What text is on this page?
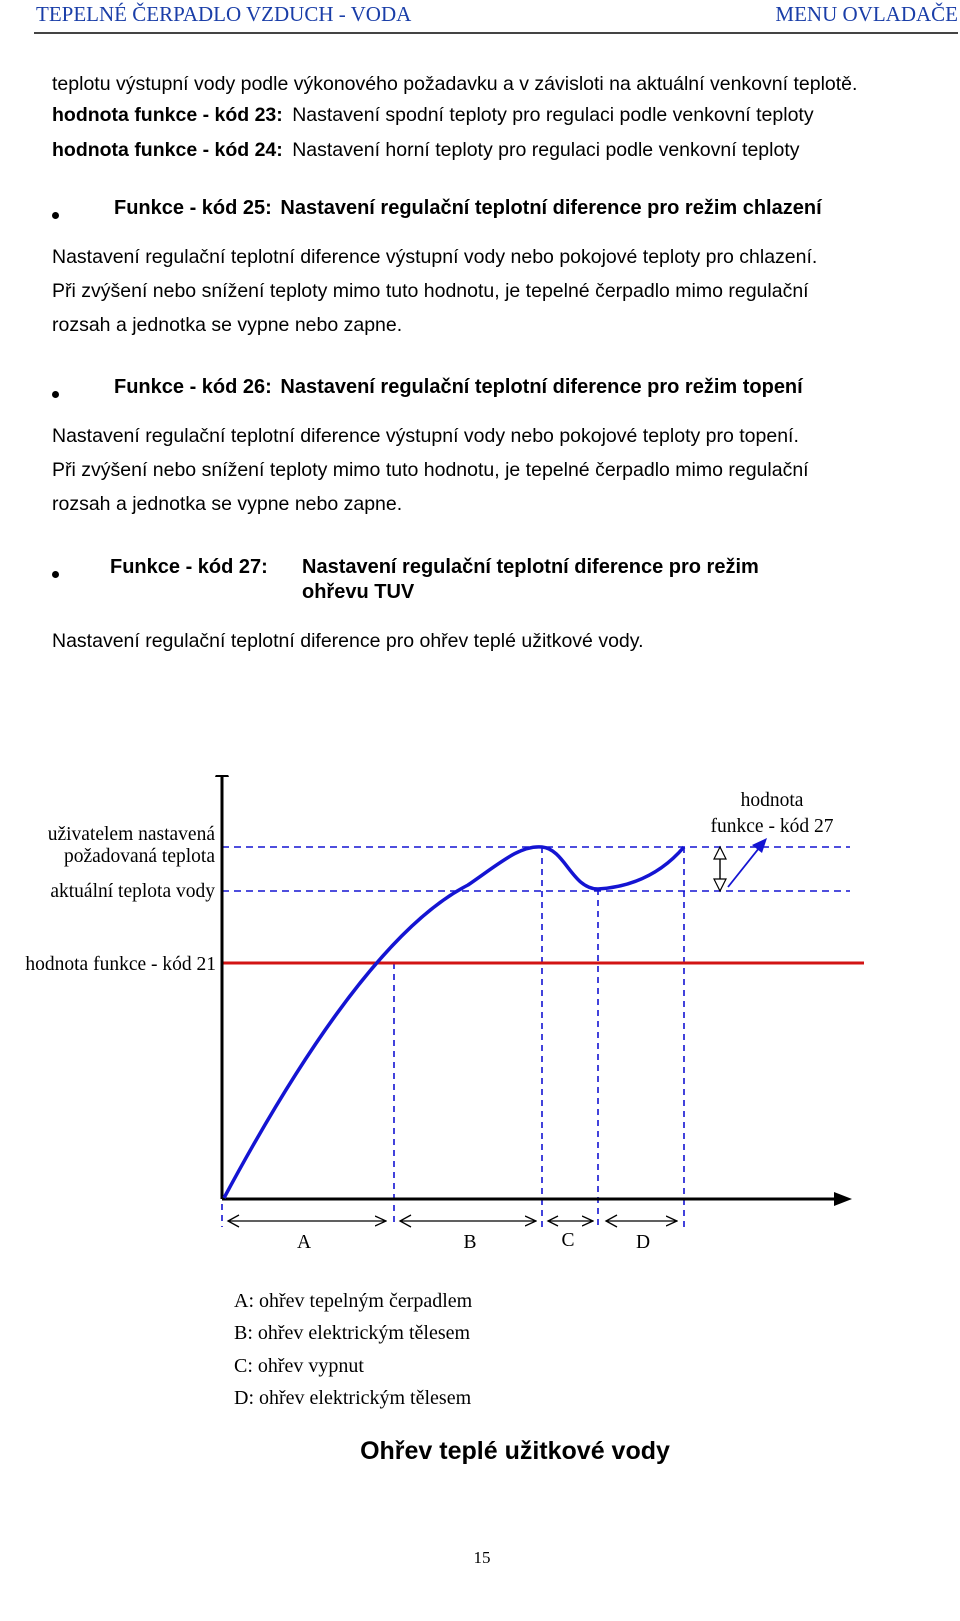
TEPELNÉ ČERPADLO VZDUCH - VODA	MENU OVLADAČE
teplotu výstupní vody podle výkonového požadavku a v závisloti na aktuální venkovní teplotě.
hodnota funkce - kód 23: Nastavení spodní teploty pro regulaci podle venkovní teploty
hodnota funkce - kód 24: Nastavení horní teploty pro regulaci podle venkovní teploty
Funkce - kód 25: Nastavení regulační teplotní diference pro režim chlazení
Nastavení regulační teplotní diference výstupní vody nebo pokojové teploty pro chlazení.
Při zvýšení nebo snížení teploty mimo tuto hodnotu, je tepelné čerpadlo mimo regulační
rozsah a jednotka se vypne nebo zapne.
Funkce - kód 26: Nastavení regulační teplotní diference pro režim topení
Nastavení regulační teplotní diference výstupní vody nebo pokojové teploty pro topení.
Při zvýšení nebo snížení teploty mimo tuto hodnotu, je tepelné čerpadlo mimo regulační
rozsah a jednotka se vypne nebo zapne.
Funkce - kód 27: Nastavení regulační teplotní diference pro režim
ohřevu TUV
Nastavení regulační teplotní diference pro ohřev teplé užitkové vody.
uživatelem nastavená
požadovaná teplota
aktuální teplota vody
hodnota funkce - kód 21
hodnota
funkce - kód 27
A	B	C	D
A: ohřev tepelným čerpadlem
B: ohřev elektrickým tělesem
C: ohřev vypnut
D: ohřev elektrickým tělesem
Ohřev teplé užitkové vody
15
